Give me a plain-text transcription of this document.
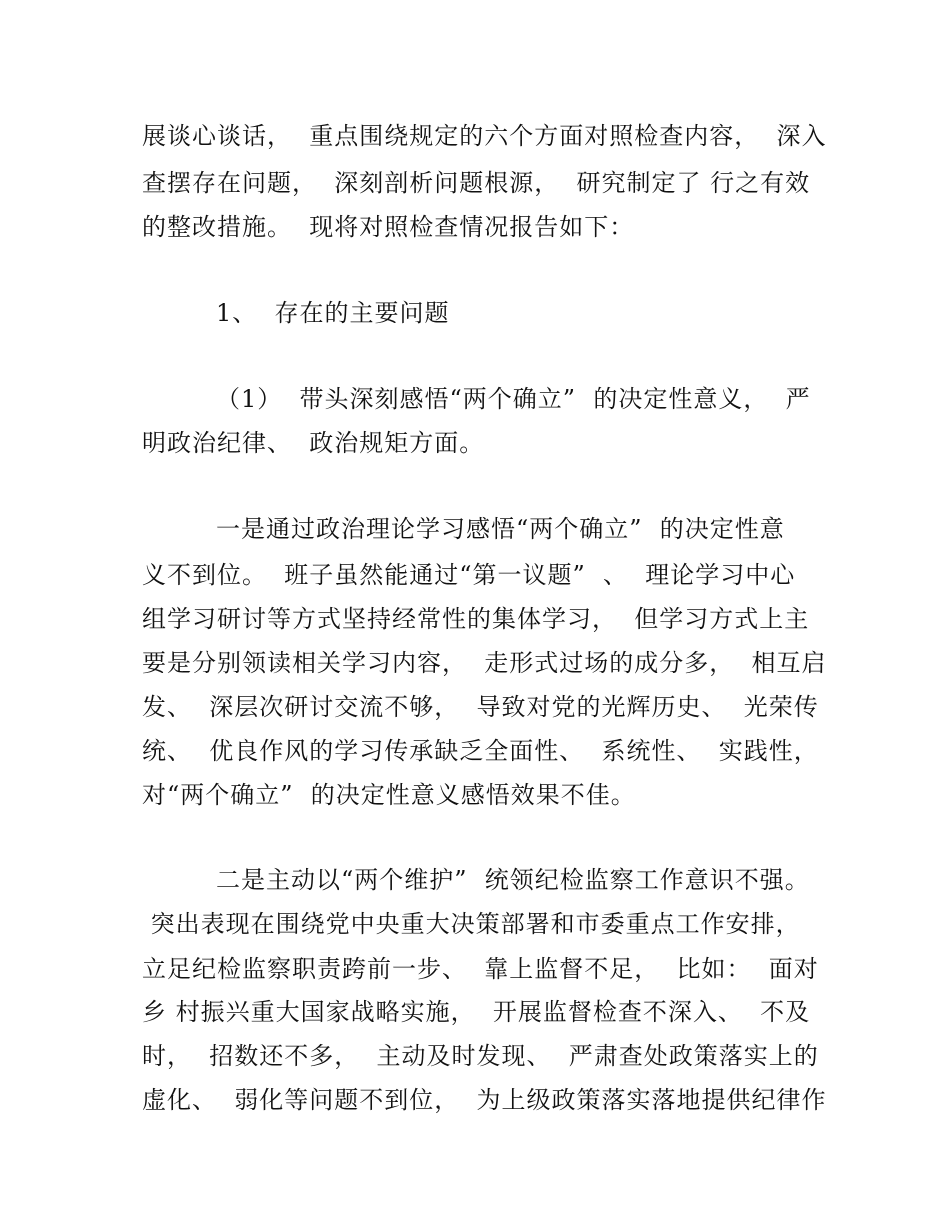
展谈心谈话，  重点围绕规定的六个方面对照检查内容，  深入
查摆存在问题，  深刻剖析问题根源，  研究制定了 行之有效
的整改措施。  现将对照检查情况报告如下：
1、  存在的主要问题
（1）  带头深刻感悟“两个确立”  的决定性意义，  严
明政治纪律、  政治规矩方面。
一是通过政治理论学习感悟“两个确立”  的决定性意
义不到位。  班子虽然能通过“第一议题”  、  理论学习中心
组学习研讨等方式坚持经常性的集体学习，  但学习方式上主
要是分别领读相关学习内容，  走形式过场的成分多，  相互启
发、  深层次研讨交流不够，  导致对党的光辉历史、  光荣传
统、  优良作风的学习传承缺乏全面性、  系统性、  实践性，
对“两个确立”  的决定性意义感悟效果不佳。
二是主动以“两个维护”  统领纪检监察工作意识不强。
突出表现在围绕党中央重大决策部署和市委重点工作安排，
立足纪检监察职责跨前一步、  靠上监督不足，  比如：  面对
乡 村振兴重大国家战略实施，  开展监督检查不深入、  不及
时，  招数还不多，  主动及时发现、  严肃查处政策落实上的
虚化、  弱化等问题不到位，  为上级政策落实落地提供纪律作
